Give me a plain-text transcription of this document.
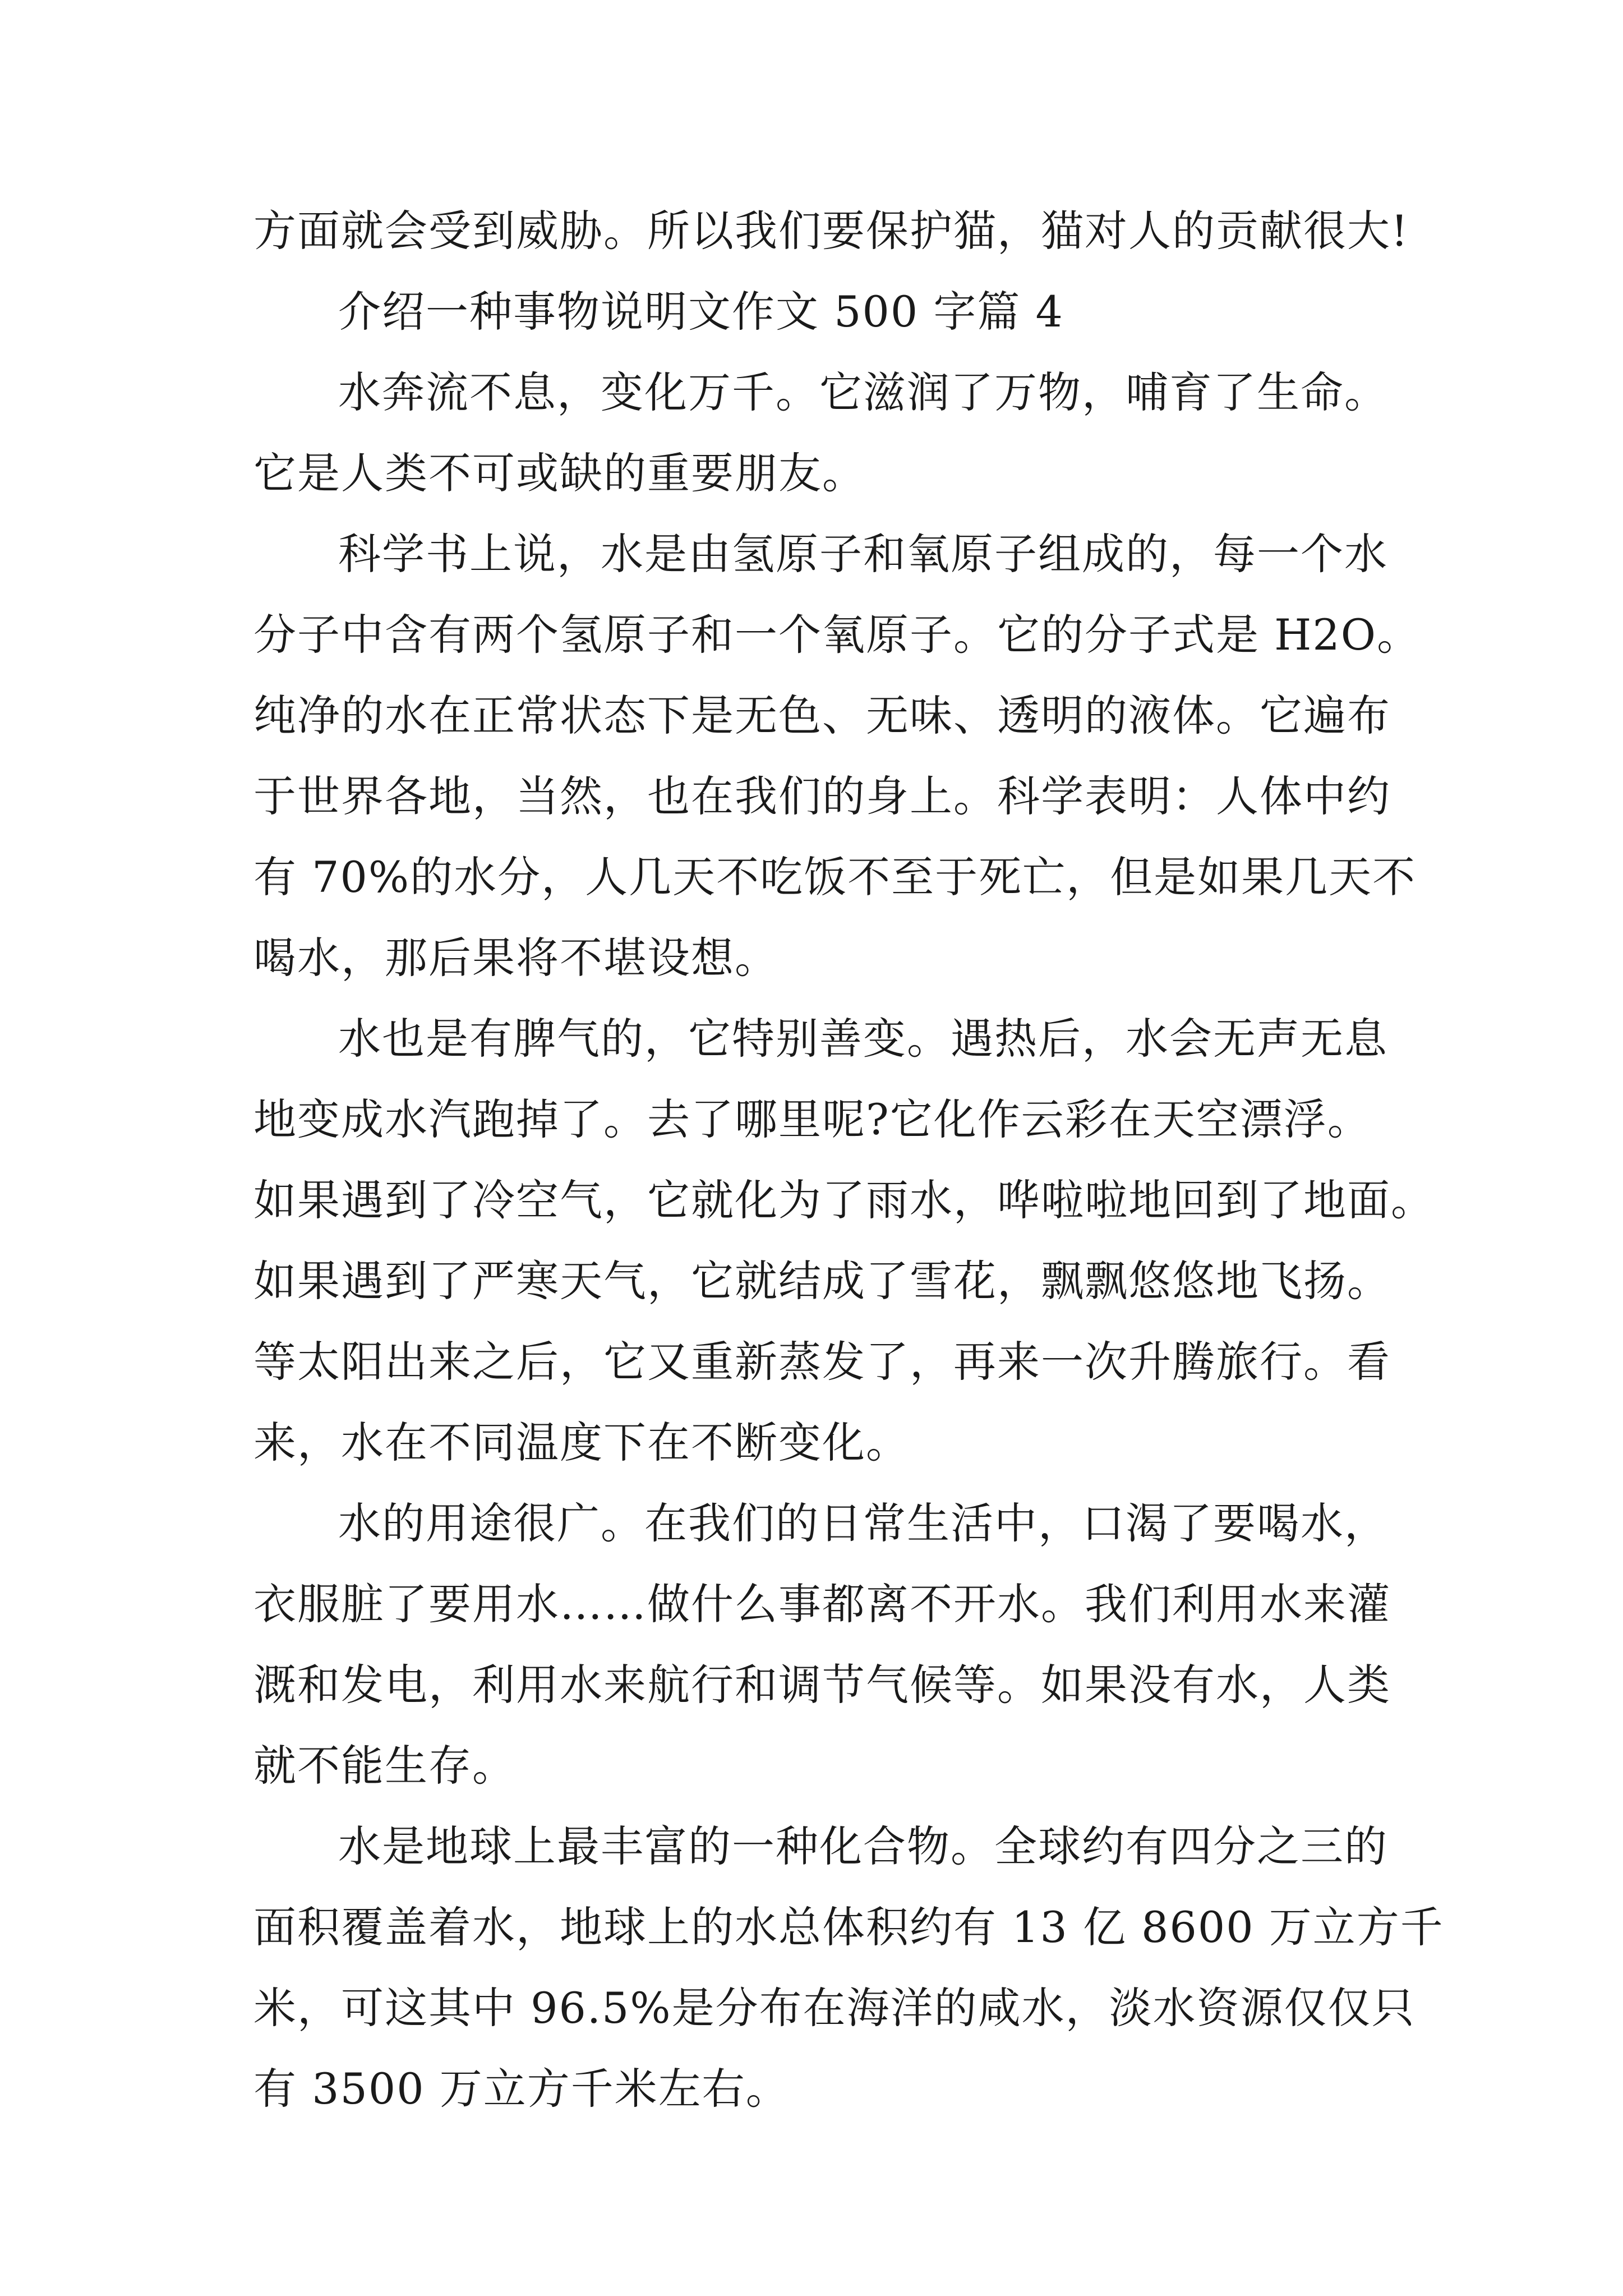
方面就会受到威胁。所以我们要保护猫，猫对人的贡献很大!
介绍一种事物说明文作文 500 字篇 4
水奔流不息，变化万千。它滋润了万物，哺育了生命。
它是人类不可或缺的重要朋友。
科学书上说，水是由氢原子和氧原子组成的，每一个水
分子中含有两个氢原子和一个氧原子。它的分子式是 H2O。
纯净的水在正常状态下是无色、无味、透明的液体。它遍布
于世界各地，当然，也在我们的身上。科学表明：人体中约
有 70%的水分，人几天不吃饭不至于死亡，但是如果几天不
喝水，那后果将不堪设想。
水也是有脾气的，它特别善变。遇热后，水会无声无息
地变成水汽跑掉了。去了哪里呢?它化作云彩在天空漂浮。
如果遇到了冷空气，它就化为了雨水，哗啦啦地回到了地面。
如果遇到了严寒天气，它就结成了雪花，飘飘悠悠地飞扬。
等太阳出来之后，它又重新蒸发了，再来一次升腾旅行。看
来，水在不同温度下在不断变化。
水的用途很广。在我们的日常生活中，口渴了要喝水，
衣服脏了要用水……做什么事都离不开水。我们利用水来灌
溉和发电，利用水来航行和调节气候等。如果没有水，人类
就不能生存。
水是地球上最丰富的一种化合物。全球约有四分之三的
面积覆盖着水，地球上的水总体积约有 13 亿 8600 万立方千
米，可这其中 96.5%是分布在海洋的咸水，淡水资源仅仅只
有 3500 万立方千米左右。
